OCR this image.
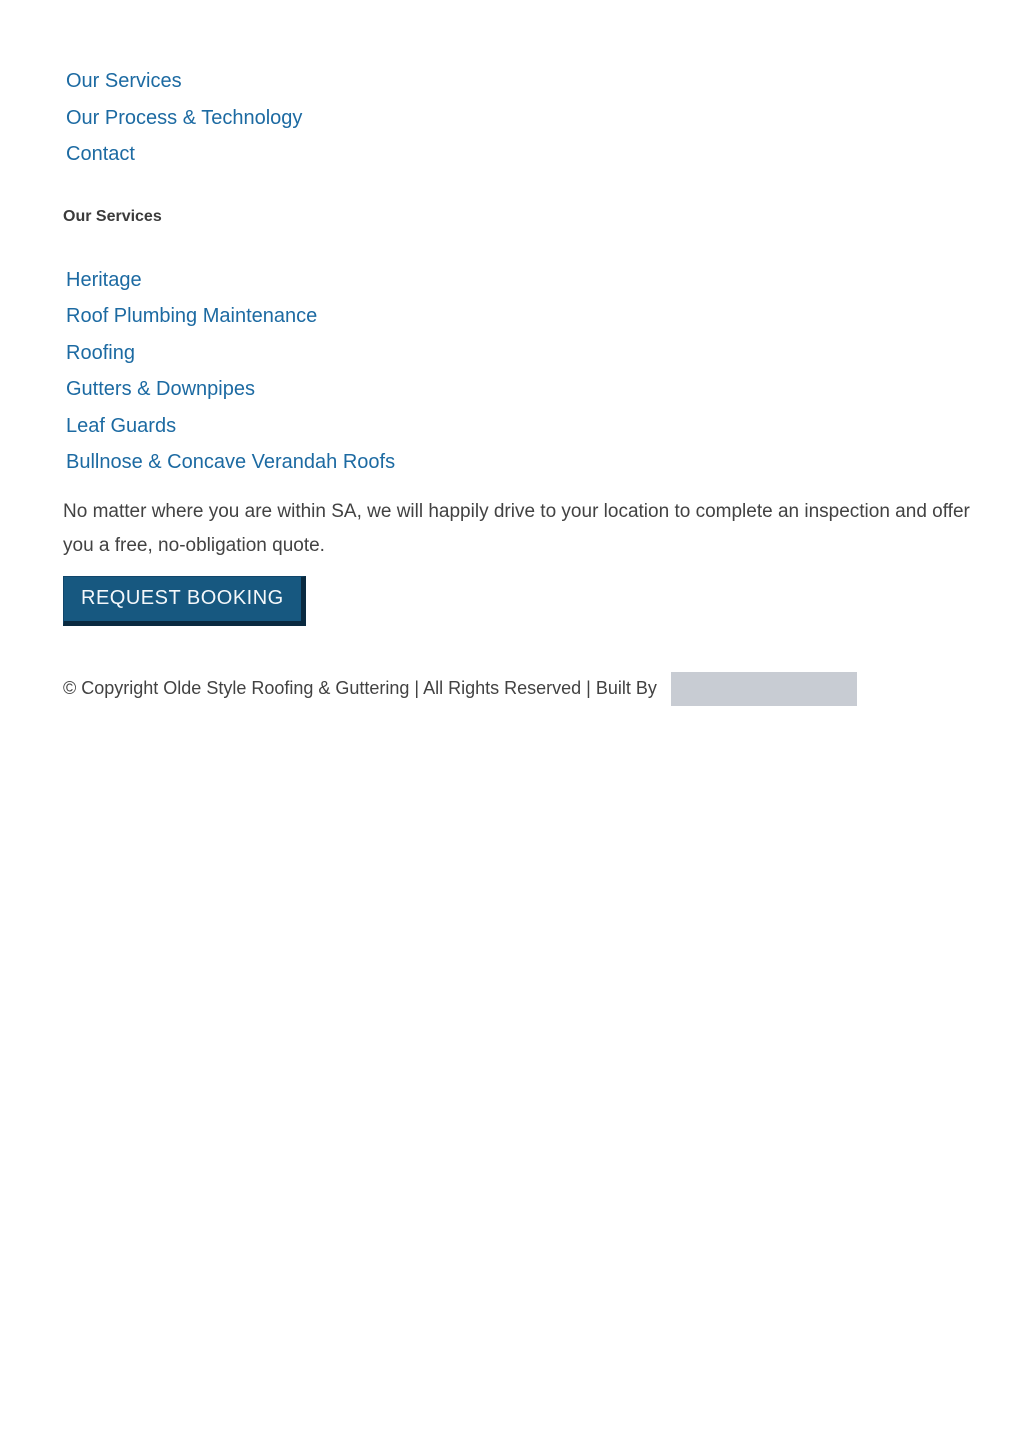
Our Services
Our Process & Technology
Contact
Our Services
Heritage
Roof Plumbing Maintenance
Roofing
Gutters & Downpipes
Leaf Guards
Bullnose & Concave Verandah Roofs

No matter where you are within SA, we will happily drive to your location to complete an inspection and offer you a free, no-obligation quote.

REQUEST BOOKING
© Copyright Olde Style Roofing & Guttering | All Rights Reserved | Built By
